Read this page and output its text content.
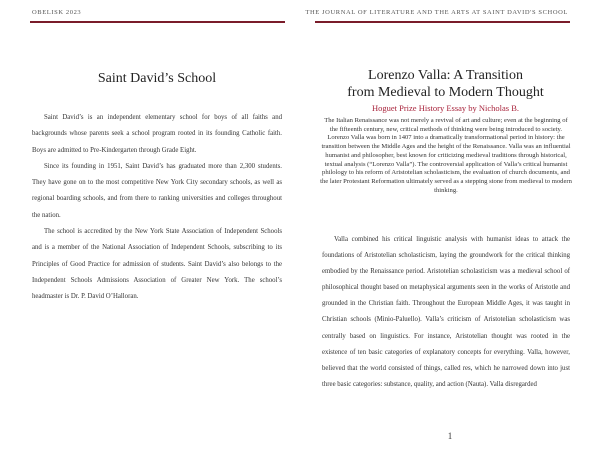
OBELISK 2023	THE JOURNAL OF LITERATURE AND THE ARTS AT SAINT DAVID'S SCHOOL
Saint David’s School

Saint David’s is an independent elementary school for boys of all faiths and backgrounds whose parents seek a school program rooted in its founding Catholic faith. Boys are admitted to Pre-Kindergarten through Grade Eight.

Since its founding in 1951, Saint David’s has graduated more than 2,300 students. They have gone on to the most competitive New York City secondary schools, as well as regional boarding schools, and from there to ranking universities and colleges throughout the nation.

The school is accredited by the New York State Association of Independent Schools and is a member of the National Association of Independent Schools, subscribing to its Principles of Good Practice for admission of students. Saint David’s also belongs to the Independent Schools Admissions Association of Greater New York. The school’s headmaster is Dr. P. David O’Halloran.

Lorenzo Valla: A Transition
from Medieval to Modern Thought
Hoguet Prize History Essay by Nicholas B.

The Italian Renaissance was not merely a revival of art and culture; even at the beginning of the fifteenth century, new, critical methods of thinking were being introduced to society. Lorenzo Valla was born in 1407 into a dramatically transformational period in history: the transition between the Middle Ages and the height of the Renaissance. Valla was an influential humanist and philosopher, best known for criticizing medieval traditions through historical, textual analysis (“Lorenzo Valla”). The controversial application of Valla’s critical humanist philology to his reform of Aristotelian scholasticism, the evaluation of church documents, and the later Protestant Reformation ultimately served as a stepping stone from medieval to modern thinking.

Valla combined his critical linguistic analysis with humanist ideas to attack the foundations of Aristotelian scholasticism, laying the groundwork for the critical thinking embodied by the Renaissance period. Aristotelian scholasticism was a medieval school of philosophical thought based on metaphysical arguments seen in the works of Aristotle and grounded in the Christian faith. Throughout the European Middle Ages, it was taught in Christian schools (Minio-Paluello). Valla’s criticism of Aristotelian scholasticism was centrally based on linguistics. For instance, Aristotelian thought was rooted in the existence of ten basic categories of explanatory concepts for everything. Valla, however, believed that the world consisted of things, called res, which he narrowed down into just three basic categories: substance, quality, and action (Nauta). Valla disregarded

1
